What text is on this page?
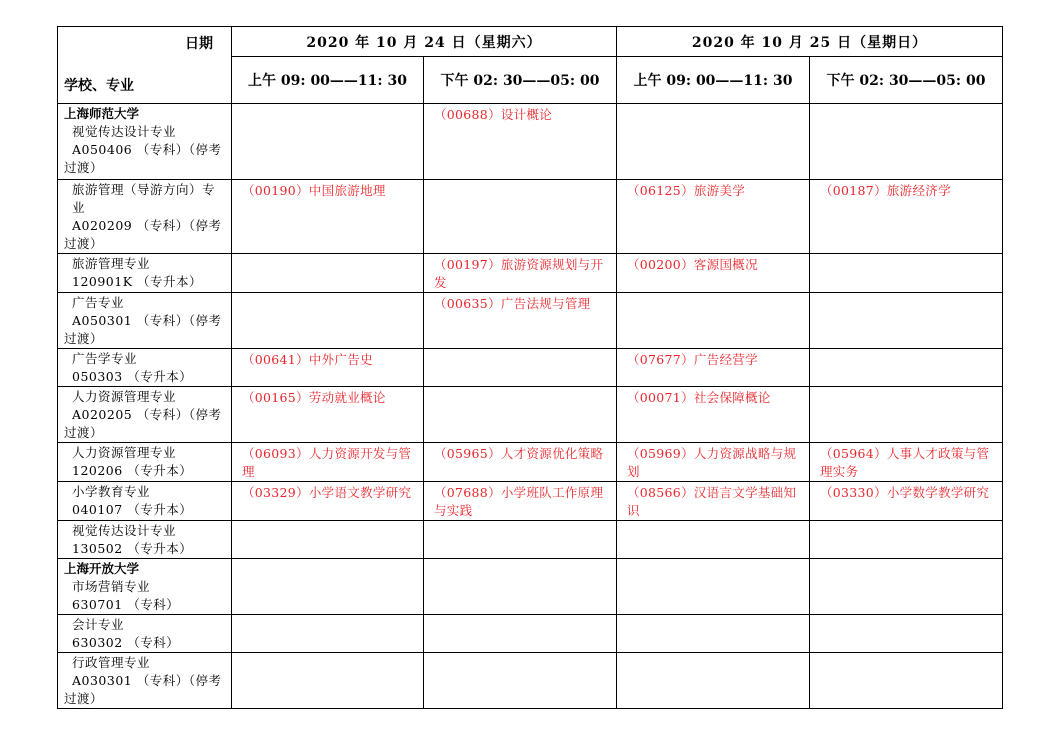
日期
学校、专业	2020 年 10 月 24 日（星期六）		2020 年 10 月 25 日（星期日）	
	上午 09: 00——11: 30	下午 02: 30——05: 00	上午 09: 00——11: 30	下午 02: 30——05: 00

上海师范大学
视觉传达设计专业
A050406 （专科）（停考
过渡）		（00688）设计概论		

旅游管理（导游方向）专业
A020209 （专科）（停考
过渡）	（00190）中国旅游地理		（06125）旅游美学	（00187）旅游经济学

旅游管理专业
120901K （专升本）		（00197）旅游资源规划与开发	（00200）客源国概况	

广告专业
A050301 （专科）（停考
过渡）		（00635）广告法规与管理		

广告学专业
050303 （专升本）	（00641）中外广告史		（07677）广告经营学	

人力资源管理专业
A020205 （专科）（停考
过渡）	（00165）劳动就业概论		（00071）社会保障概论	

人力资源管理专业
120206 （专升本）	（06093）人力资源开发与管理	（05965）人才资源优化策略	（05969）人力资源战略与规划	（05964）人事人才政策与管理实务

小学教育专业
040107 （专升本）	（03329）小学语文教学研究	（07688）小学班队工作原理与实践	（08566）汉语言文学基础知识	（03330）小学数学教学研究

视觉传达设计专业
130502 （专升本）				

上海开放大学
市场营销专业
630701 （专科）				

会计专业
630302 （专科）				

行政管理专业
A030301 （专科）（停考
过渡）				
